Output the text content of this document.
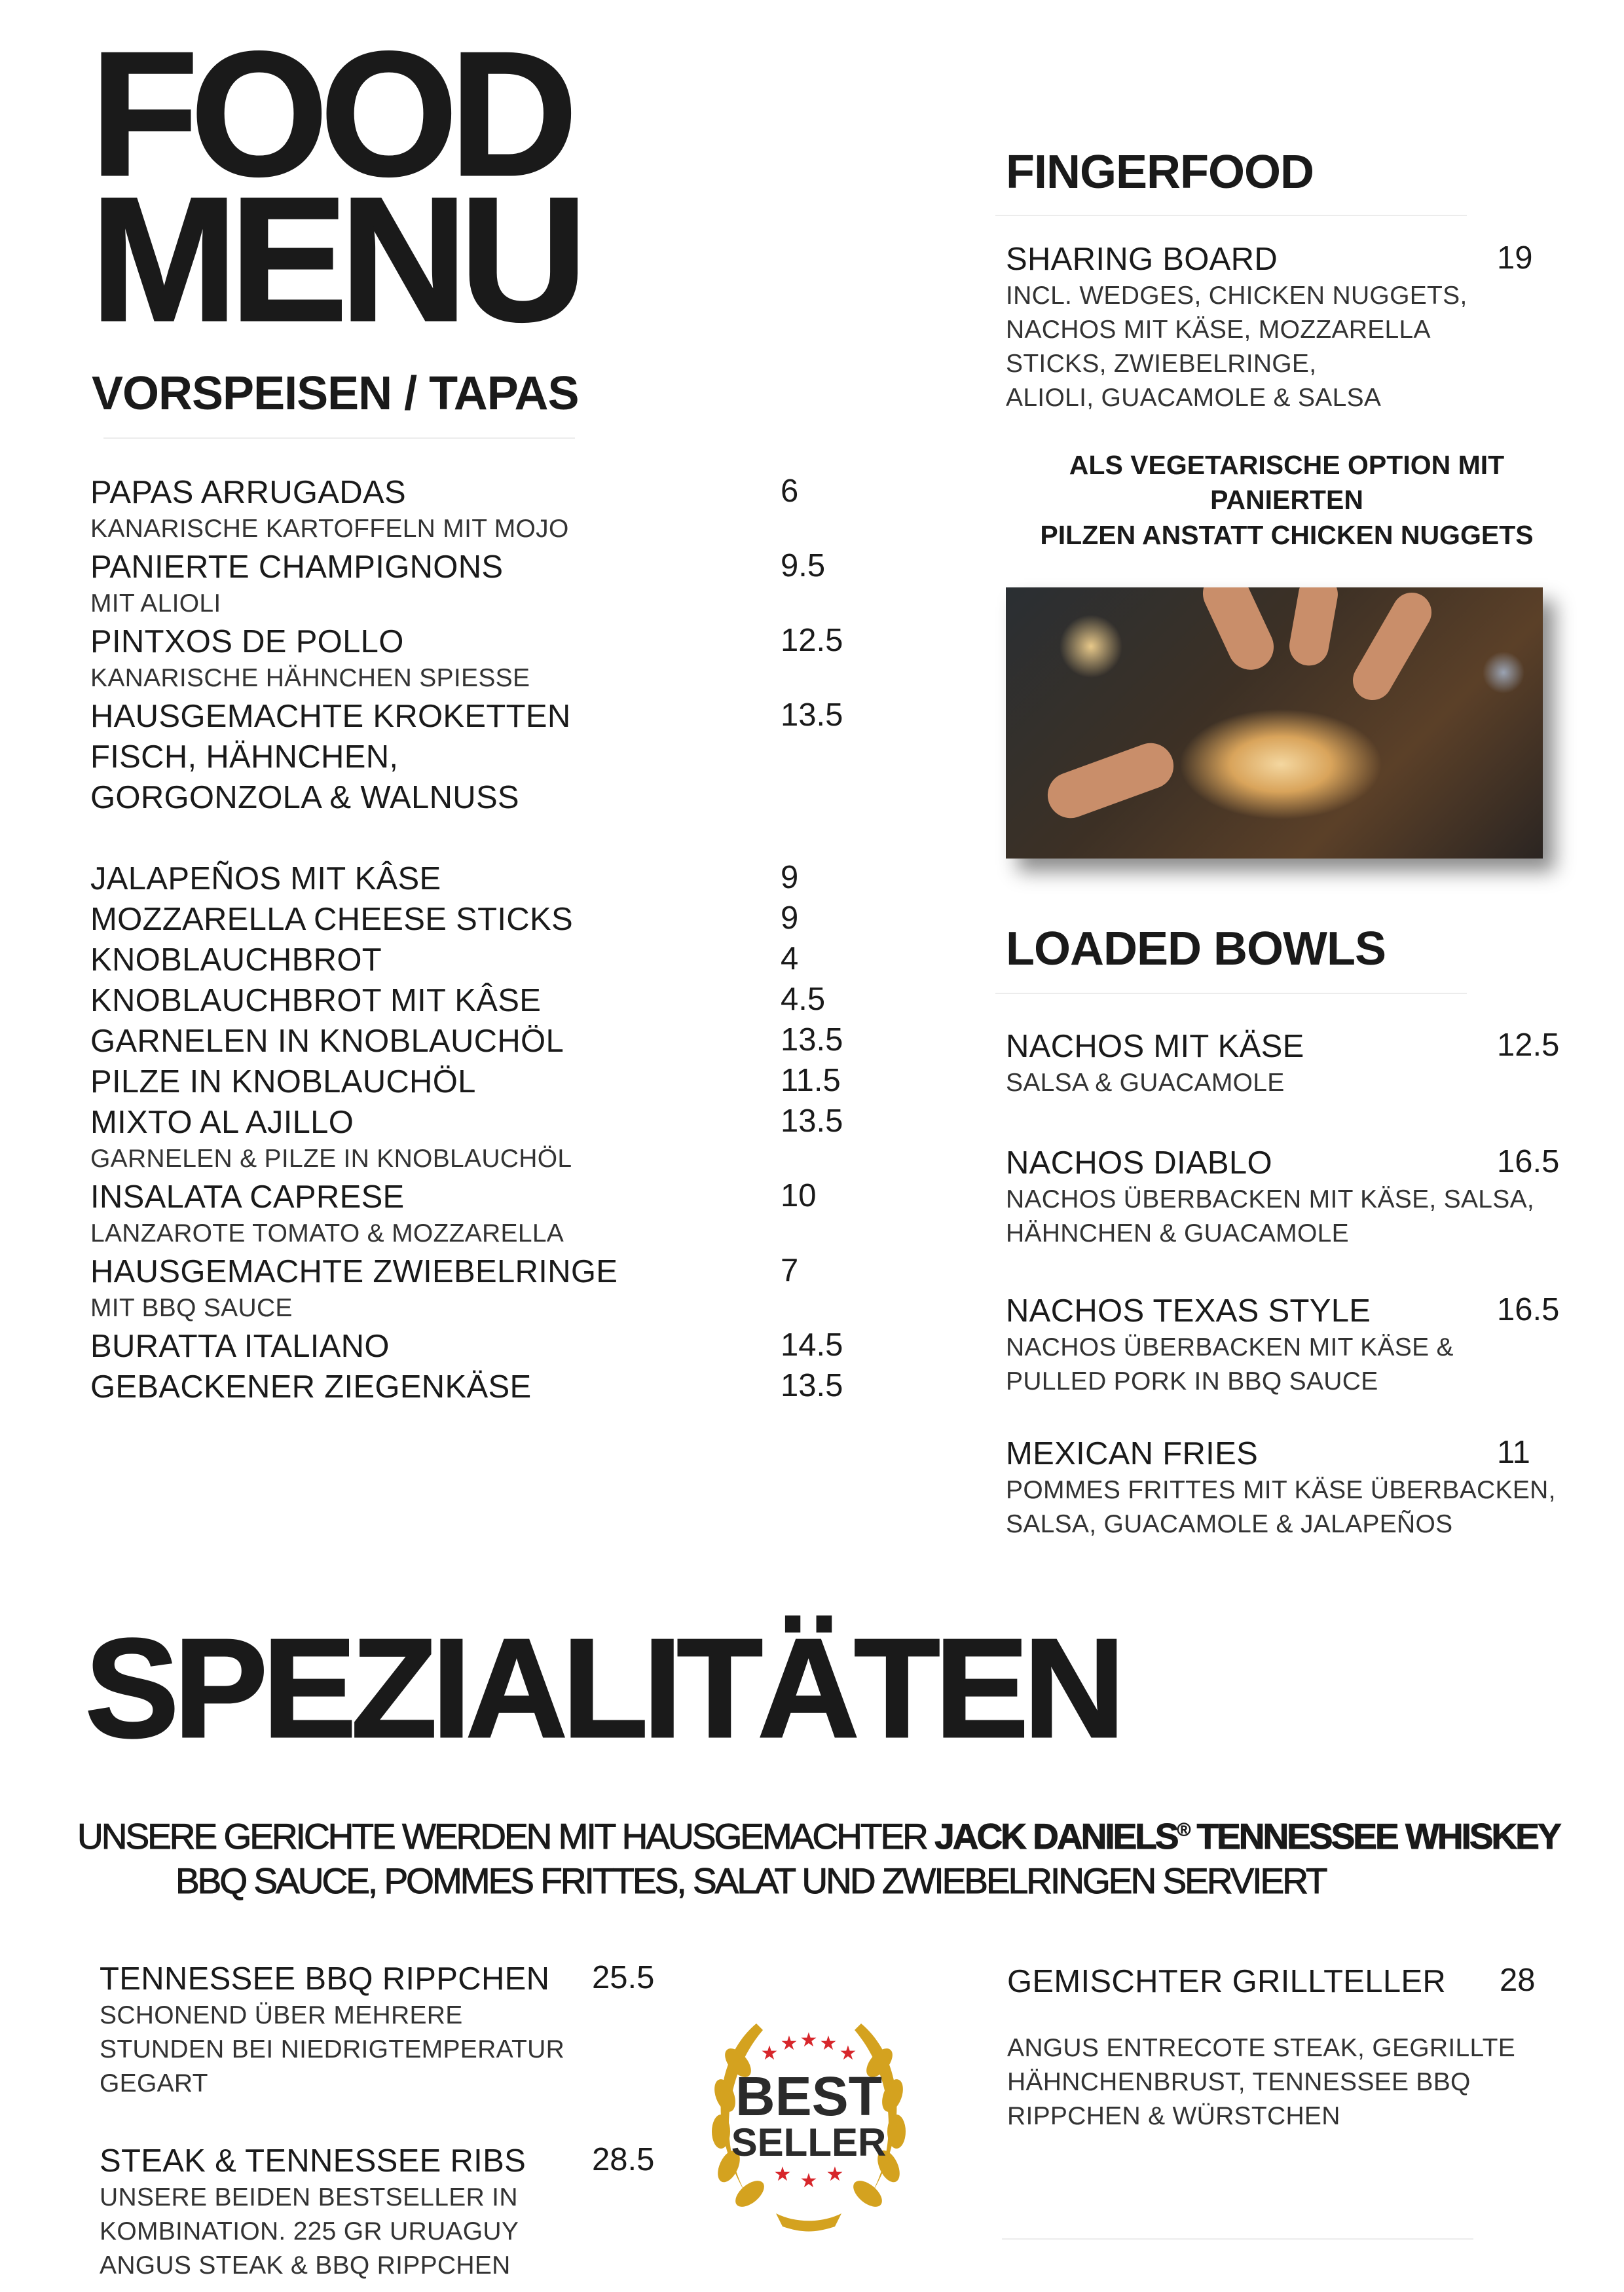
FOOD
MENU
VORSPEISEN / TAPAS
PAPAS ARRUGADAS	6
KANARISCHE KARTOFFELN MIT MOJO
PANIERTE CHAMPIGNONS	9.5
MIT ALIOLI
PINTXOS DE POLLO	12.5
KANARISCHE HÄHNCHEN SPIESSE
HAUSGEMACHTE KROKETTEN	13.5
FISCH, HÄHNCHEN,
GORGONZOLA & WALNUSS
JALAPEÑOS MIT KÂSE	9
MOZZARELLA CHEESE STICKS	9
KNOBLAUCHBROT	4
KNOBLAUCHBROT MIT KÂSE	4.5
GARNELEN IN KNOBLAUCHÖL	13.5
PILZE IN KNOBLAUCHÖL	11.5
MIXTO AL AJILLO	13.5
GARNELEN & PILZE IN KNOBLAUCHÖL
INSALATA CAPRESE	10
LANZAROTE TOMATO & MOZZARELLA
HAUSGEMACHTE ZWIEBELRINGE	7
MIT BBQ SAUCE
BURATTA ITALIANO	14.5
GEBACKENER ZIEGENKÄSE	13.5
FINGERFOOD
SHARING BOARD	19
INCL. WEDGES, CHICKEN NUGGETS,
NACHOS MIT KÄSE, MOZZARELLA
STICKS, ZWIEBELRINGE,
ALIOLI, GUACAMOLE & SALSA
ALS VEGETARISCHE OPTION MIT PANIERTEN
PILZEN ANSTATT CHICKEN NUGGETS
LOADED BOWLS
NACHOS MIT KÄSE	12.5
SALSA & GUACAMOLE
NACHOS DIABLO	16.5
NACHOS ÜBERBACKEN MIT KÄSE, SALSA,
HÄHNCHEN & GUACAMOLE
NACHOS TEXAS STYLE	16.5
NACHOS ÜBERBACKEN MIT KÄSE &
PULLED PORK IN BBQ SAUCE
MEXICAN FRIES	11
POMMES FRITTES MIT KÄSE ÜBERBACKEN,
SALSA, GUACAMOLE & JALAPEÑOS
SPEZIALITÄTEN
UNSERE GERICHTE WERDEN MIT HAUSGEMACHTER JACK DANIELS® TENNESSEE WHISKEY
BBQ SAUCE, POMMES FRITTES, SALAT UND ZWIEBELRINGEN SERVIERT
TENNESSEE BBQ RIPPCHEN 25.5
SCHONEND ÜBER MEHRERE
STUNDEN BEI NIEDRIGTEMPERATUR
GEGART
STEAK & TENNESSEE RIBS 28.5
UNSERE BEIDEN BESTSELLER IN
KOMBINATION. 225 GR URUAGUY
ANGUS STEAK & BBQ RIPPCHEN
GEMISCHTER GRILLTELLER 28
ANGUS ENTRECOTE STEAK, GEGRILLTE
HÄHNCHENBRUST, TENNESSEE BBQ
RIPPCHEN & WÜRSTCHEN
★ ★ ★ ★ ★
★ ★ ★
BEST
SELLER
